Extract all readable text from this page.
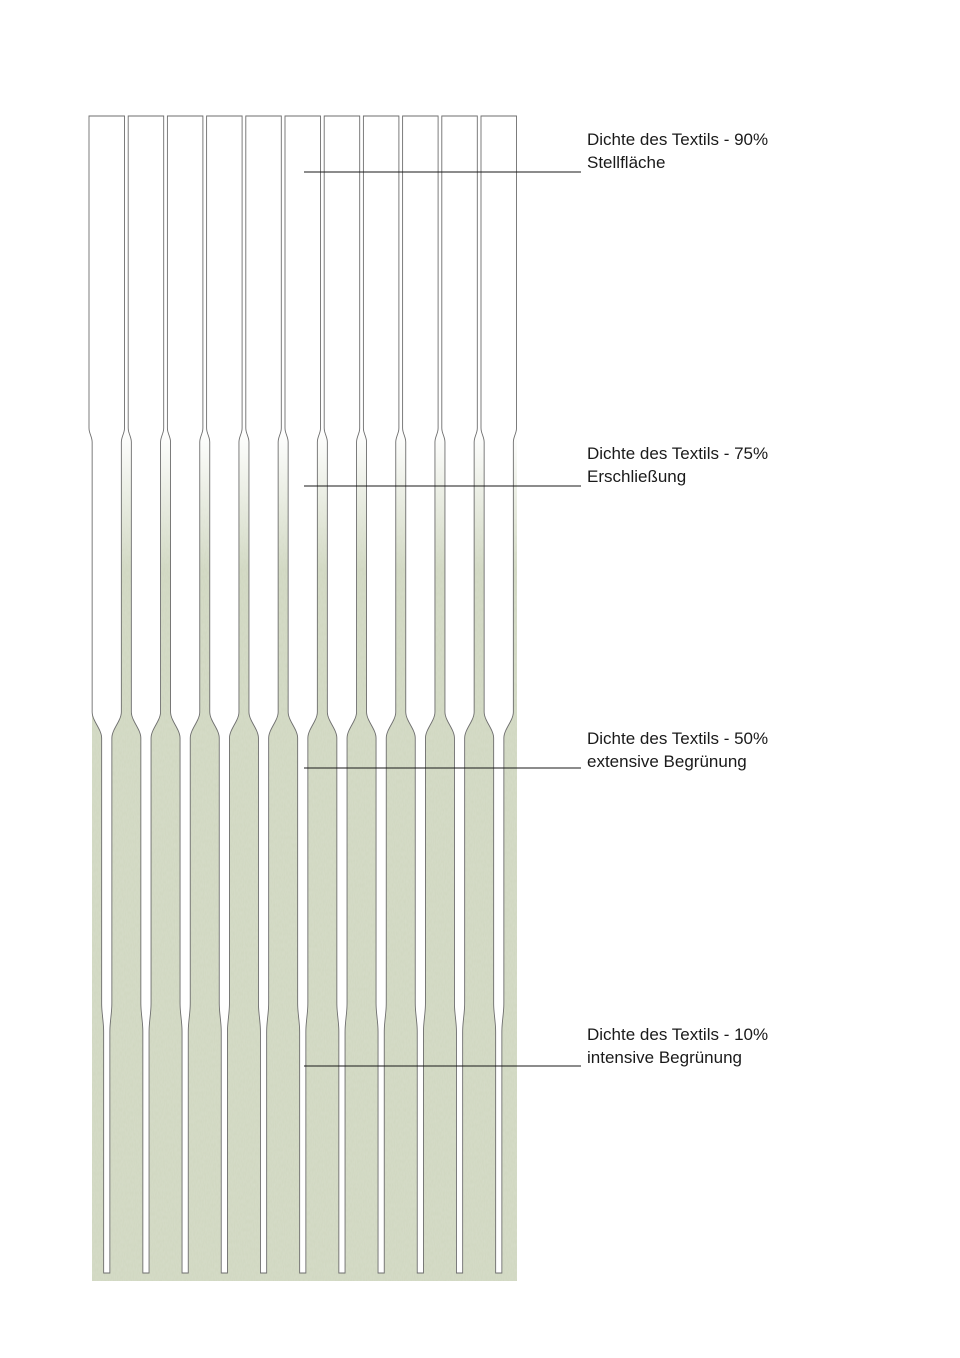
Dichte des Textils - 90%
Stellfläche
Dichte des Textils - 75%
Erschließung
Dichte des Textils - 50%
extensive Begrünung
Dichte des Textils - 10%
intensive Begrünung
